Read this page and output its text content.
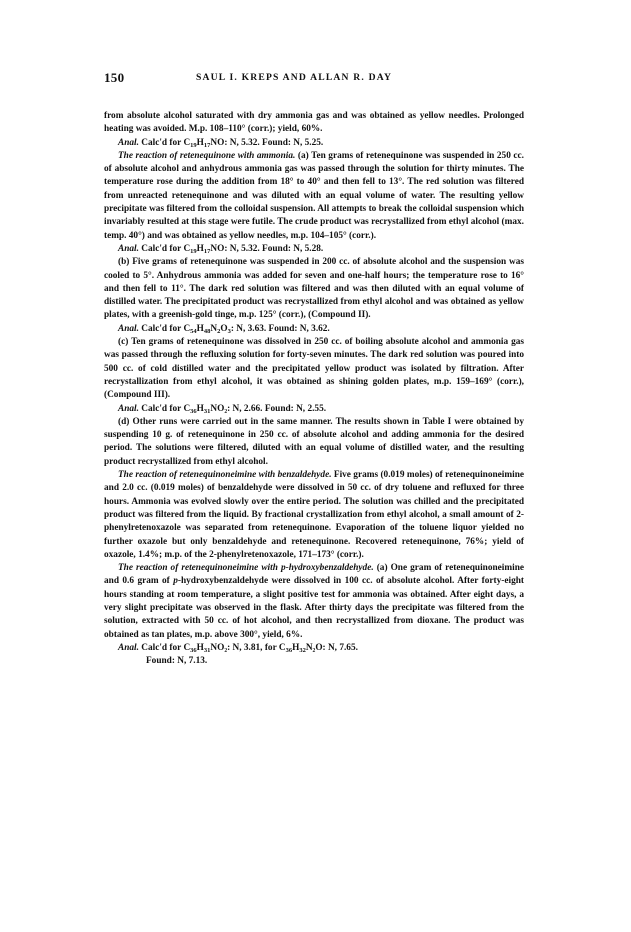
150	SAUL I. KREPS AND ALLAN R. DAY

from absolute alcohol saturated with dry ammonia gas and was obtained as yellow needles. Prolonged heating was avoided. M.p. 108–110° (corr.); yield, 60%.

Anal. Calc'd for $C_{19}H_{17}NO$: N, 5.32. Found: N, 5.25.

The reaction of retenequinone with ammonia. (a) Ten grams of retenequinone was suspended in 250 cc. of absolute alcohol and anhydrous ammonia gas was passed through the solution for thirty minutes. The temperature rose during the addition from 18° to 40° and then fell to 13°. The red solution was filtered from unreacted retenequinone and was diluted with an equal volume of water. The resulting yellow precipitate was filtered from the colloidal suspension. All attempts to break the colloidal suspension which invariably resulted at this stage were futile. The crude product was recrystallized from ethyl alcohol (max. temp. 40°) and was obtained as yellow needles, m.p. 104–105° (corr.).

Anal. Calc'd for $C_{19}H_{17}NO$: N, 5.32. Found: N, 5.28.

(b) Five grams of retenequinone was suspended in 200 cc. of absolute alcohol and the suspension was cooled to 5°. Anhydrous ammonia was added for seven and one-half hours; the temperature rose to 16° and then fell to 11°. The dark red solution was filtered and was then diluted with an equal volume of distilled water. The precipitated product was recrystallized from ethyl alcohol and was obtained as yellow plates, with a greenish-gold tinge, m.p. 125° (corr.), (Compound II).

Anal. Calc'd for $C_{54}H_{48}N_2O_3$: N, 3.63. Found: N, 3.62.

(c) Ten grams of retenequinone was dissolved in 250 cc. of boiling absolute alcohol and ammonia gas was passed through the refluxing solution for forty-seven minutes. The dark red solution was poured into 500 cc. of cold distilled water and the precipitated yellow product was isolated by filtration. After recrystallization from ethyl alcohol, it was obtained as shining golden plates, m.p. 159–169° (corr.), (Compound III).

Anal. Calc'd for $C_{36}H_{31}NO_2$: N, 2.66. Found: N, 2.55.

(d) Other runs were carried out in the same manner. The results shown in Table I were obtained by suspending 10 g. of retenequinone in 250 cc. of absolute alcohol and adding ammonia for the desired period. The solutions were filtered, diluted with an equal volume of distilled water, and the resulting product recrystallized from ethyl alcohol.

The reaction of retenequinoneimine with benzaldehyde. Five grams (0.019 moles) of retenequinoneimine and 2.0 cc. (0.019 moles) of benzaldehyde were dissolved in 50 cc. of dry toluene and refluxed for three hours. Ammonia was evolved slowly over the entire period. The solution was chilled and the precipitated product was filtered from the liquid. By fractional crystallization from ethyl alcohol, a small amount of 2-phenylretenoxazole was separated from retenequinone. Evaporation of the toluene liquor yielded no further oxazole but only benzaldehyde and retenequinone. Recovered retenequinone, 76%; yield of oxazole, 1.4%; m.p. of the 2-phenylretenoxazole, 171–173° (corr.).

The reaction of retenequinoneimine with p-hydroxybenzaldehyde. (a) One gram of retenequinoneimine and 0.6 gram of p-hydroxybenzaldehyde were dissolved in 100 cc. of absolute alcohol. After forty-eight hours standing at room temperature, a slight positive test for ammonia was obtained. After eight days, a very slight precipitate was observed in the flask. After thirty days the precipitate was filtered from the solution, extracted with 50 cc. of hot alcohol, and then recrystallized from dioxane. The product was obtained as tan plates, m.p. above 300°, yield, 6%.

Anal. Calc'd for $C_{36}H_{31}NO_2$: N, 3.81, for $C_{36}H_{32}N_2O$: N, 7.65.

Found: N, 7.13.
